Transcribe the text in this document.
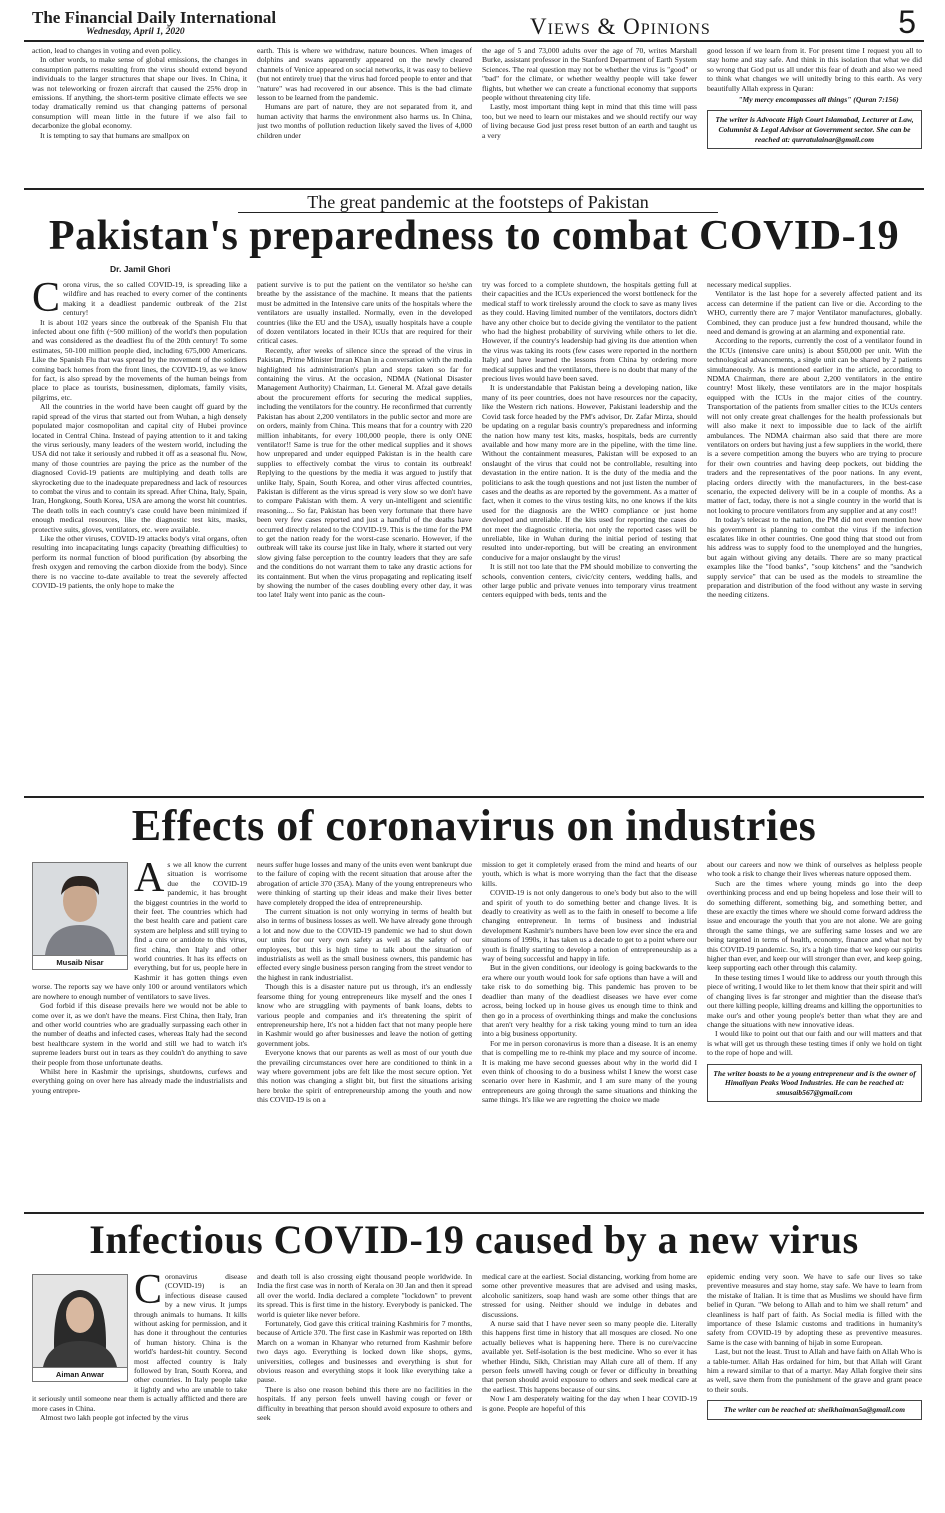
The Financial Daily International
Wednesday, April 1, 2020	Views & Opinions	5

action, lead to changes in voting and even policy.

In other words, to make sense of global emissions, the changes in consumption patterns resulting from the virus should extend beyond individuals to the larger structures that shape our lives. In China, it was not teleworking or frozen aircraft that caused the 25% drop in emissions. If anything, the short-term positive climate effects we see today dramatically remind us that changing patterns of personal consumption will mean little in the future if we also fail to decarbonize the global economy.

It is tempting to say that humans are smallpox on

earth. This is where we withdraw, nature bounces. When images of dolphins and swans apparently appeared on the newly cleared channels of Venice appeared on social networks, it was easy to believe (but not entirely true) that the virus had forced people to enter and that "nature" was had recovered in our absence. This is the bad climate lesson to be learned from the pandemic.

Humans are part of nature, they are not separated from it, and human activity that harms the environment also harms us. In China, just two months of pollution reduction likely saved the lives of 4,000 children under

the age of 5 and 73,000 adults over the age of 70, writes Marshall Burke, assistant professor in the Stanford Department of Earth System Sciences. The real question may not be whether the virus is "good" or "bad" for the climate, or whether wealthy people will take fewer flights, but whether we can create a functional economy that supports people without threatening city life.

Lastly, most important thing kept in mind that this time will pass too, but we need to learn our mistakes and we should rectify our way of living because God just press reset button of an earth and taught us a very

good lesson if we learn from it. For present time I request you all to stay home and stay safe. And think in this isolation that what we did so wrong that God put us all under this fear of death and also we need to think what changes we will unitedly bring to this earth. As very beautifully Allah express in Quran:

"My mercy encompasses all things" (Quran 7:156)

The writer is Advocate High Court Islamabad, Lecturer at Law, Columnist & Legal Advisor at Government sector. She can be reached at: qurratulainar@gmail.com
The great pandemic at the footsteps of Pakistan
Pakistan's preparedness to combat COVID-19
Dr. Jamil Ghori

Corona virus, the so called COVID-19, is spreading like a wildfire and has reached to every corner of the continents making it a deadliest pandemic outbreak of the 21st century!

It is about 102 years since the outbreak of the Spanish Flu that infected about one fifth (~500 million) of the world's then population and was considered as the deadliest flu of the 20th century! To some estimates, 50-100 million people died, including 675,000 Americans. Like the Spanish Flu that was spread by the movement of the soldiers coming back homes from the front lines, the COVID-19, as we know for fact, is also spread by the movements of the human beings from place to place as tourists, businessmen, diplomats, family visits, pilgrims, etc.

All the countries in the world have been caught off guard by the rapid spread of the virus that started out from Wuhan, a high densely populated major cosmopolitan and capital city of Hubei province located in Central China. Instead of paying attention to it and taking the virus seriously, many leaders of the western world, including the USA did not take it seriously and rubbed it off as a seasonal flu. Now, many of those countries are paying the price as the number of the diagnosed Covid-19 patients are multiplying and death tolls are skyrocketing due to the inadequate preparedness and lack of resources to combat the virus and to contain its spread. After China, Italy, Spain, Iran, Hongkong, South Korea, USA are among the worst hit countries. The death tolls in each country's case could have been minimized if enough medical resources, like the diagnostic test kits, masks, protective suits, gloves, ventilators, etc. were available.

Like the other viruses, COVID-19 attacks body's vital organs, often resulting into incapacitating lungs capacity (breathing difficulties) to perform its normal function of blood purification (by absorbing the fresh oxygen and removing the carbon dioxide from the body). Since there is no vaccine to-date available to treat the severely affected COVID-19 patients, the only hope to make the

patient survive is to put the patient on the ventilator so he/she can breathe by the assistance of the machine. It means that the patients must be admitted in the Intensive care units of the hospitals where the ventilators are usually installed. Normally, even in the developed countries (like the EU and the USA), usually hospitals have a couple of dozen ventilators located in their ICUs that are required for their critical cases.

Recently, after weeks of silence since the spread of the virus in Pakistan, Prime Minister Imran Khan in a conversation with the media highlighted his administration's plan and steps taken so far for containing the virus. At the occasion, NDMA (National Disaster Management Authority) Chairman, Lt. General M. Afzal gave details about the procurement efforts for securing the medical supplies, including the ventilators for the country. He reconfirmed that currently Pakistan has about 2,200 ventilators in the public sector and more are on orders, mainly from China. This means that for a country with 220 million inhabitants, for every 100,000 people, there is only ONE ventilator!! Same is true for the other medical supplies and it shows how unprepared and under equipped Pakistan is in the health care supplies to effectively combat the virus to contain its outbreak! Replying to the questions by the media it was argued to justify that unlike Italy, Spain, South Korea, and other virus affected countries, Pakistan is different as the virus spread is very slow so we don't have to compare Pakistan with them. A very un-intelligent and scientific reasoning.... So far, Pakistan has been very fortunate that there have been very few cases reported and just a handful of the deaths have occurred directly related to the COVID-19. This is the time for the PM to get the nation ready for the worst-case scenario. However, if the outbreak will take its course just like in Italy, where it started out very slow giving false perception to the country leaders that they are safe and the conditions do not warrant them to take any drastic actions for its containment. But when the virus propagating and replicating itself by showing the number of the cases doubling every other day, it was too late! Italy went into panic as the coun-

try was forced to a complete shutdown, the hospitals getting full at their capacities and the ICUs experienced the worst bottleneck for the medical staff to work tirelessly around the clock to save as many lives as they could. Having limited number of the ventilators, doctors didn't have any other choice but to decide giving the ventilator to the patient who had the highest probability of surviving while others to let die. However, if the country's leadership had giving its due attention when the virus was taking its roots (few cases were reported in the northern Italy) and have learned the lessons from China by ordering more medical supplies and the ventilators, there is no doubt that many of the precious lives would have been saved.

It is understandable that Pakistan being a developing nation, like many of its peer countries, does not have resources nor the capacity, like the Western rich nations. However, Pakistani leadership and the Covid task force headed by the PM's advisor, Dr. Zafar Mirza, should be updating on a regular basis country's preparedness and informing the nation how many test kits, masks, hospitals, beds are currently available and how many more are in the pipeline, with the time line. Without the containment measures, Pakistan will be exposed to an onslaught of the virus that could not be controllable, resulting into devastation in the entire nation. It is the duty of the media and the politicians to ask the tough questions and not just listen the number of cases and the deaths as are reported by the government. As a matter of fact, when it comes to the virus testing kits, no one knows if the kits used for the diagnosis are the WHO compliance or just home developed and unreliable. If the kits used for reporting the cases do not meet the diagnostic criteria, not only the reported cases will be unreliable, like in Wuhan during the initial period of testing that resulted into under-reporting, but will be creating an environment conducive for a major onslaught by the virus!

It is still not too late that the PM should mobilize to converting the schools, convention centers, civic/city centers, wedding halls, and other large public and private venues into temporary virus treatment centers equipped with beds, tents and the

necessary medical supplies.

Ventilator is the last hope for a severely affected patient and its access can determine if the patient can live or die. According to the WHO, currently there are 7 major Ventilator manufactures, globally. Combined, they can produce just a few hundred thousand, while the need and demand is growing at an alarming and exponential rate.

According to the reports, currently the cost of a ventilator found in the ICUs (intensive care units) is about $50,000 per unit. With the technological advancements, a single unit can be shared by 2 patients simultaneously. As is mentioned earlier in the article, according to NDMA Chairman, there are about 2,200 ventilators in the entire country! Most likely, these ventilators are in the major hospitals equipped with the ICUs in the major cities of the country. Transportation of the patients from smaller cities to the ICUs centers will not only create great challenges for the health professionals but will also make it next to impossible due to lack of the airlift ambulances. The NDMA chairman also said that there are more ventilators on orders but having just a few suppliers in the world, there is a severe competition among the buyers who are trying to procure for their own countries and having deep pockets, out bidding the traders and the representatives of the poor nations. In any event, placing orders directly with the manufacturers, in the best-case scenario, the expected delivery will be in a couple of months. As a matter of fact, today, there is not a single country in the world that is not looking to procure ventilators from any supplier and at any cost!!

In today's telecast to the nation, the PM did not even mention how his government is planning to combat the virus if the infection escalates like in other countries. One good thing that stood out from his address was to supply food to the unemployed and the hungries, but again without giving any details. There are so many practical examples like the "food banks", "soup kitchens" and the "sandwich supply service" that can be used as the models to streamline the preparation and distribution of the food without any waste in serving the needing citizens.

Effects of coronavirus on industries
Musaib Nisar

As we all know the current situation is worrisome due the COVID-19 pandemic, it has brought the biggest countries in the world to their feet. The countries which had the best health care and patient care system are helpless and still trying to find a cure or antidote to this virus, first china, then Italy and other world countries. It has its effects on everything, but for us, people here in Kashmir it has gotten things even worse. The reports say we have only 100 or around ventilators which are nowhere to enough number of ventilators to save lives.

God forbid if this disease prevails here we would not be able to come over it, as we don't have the means. First China, then Italy, Iran and other world countries who are gradually surpassing each other in the number of deaths and infected cases, whereas Italy had the second best healthcare system in the world and still we had to watch it's supreme leaders burst out in tears as they couldn't do anything to save their people from those unfortunate deaths.

Whilst here in Kashmir the uprisings, shutdowns, curfews and everything going on over here has already made the industrialists and young entrepre-

neurs suffer huge losses and many of the units even went bankrupt due to the failure of coping with the recent situation that arouse after the abrogation of article 370 (35A). Many of the young entrepreneurs who were thinking of starting up their ideas and make their lives better have completely dropped the idea of entrepreneurship.

The current situation is not only worrying in terms of health but also in terms of business losses as well. We have already gone through a lot and now due to the COVID-19 pandemic we had to shut down our units for our very own safety as well as the safety of our employees, but this is high time to talk about the situation of industrialists as well as the small business owners, this pandemic has effected every single business person ranging from the street vendor to the highest in rank industrialist.

Though this is a disaster nature put us through, it's an endlessly fearsome thing for young entrepreneurs like myself and the ones I know who are struggling with payments of bank loans, debts to various people and companies and it's threatening the spirit of entrepreneurship here, It's not a hidden fact that not many people here in Kashmir would go after businesses and leave the notion of getting government jobs.

Everyone knows that our parents as well as most of our youth due the prevailing circumstances over here are conditioned to think in a way where government jobs are felt like the most secure option. Yet this notion was changing a slight bit, but first the situations arising here broke the spirit of entrepreneurship among the youth and now this COVID-19 is on a

mission to get it completely erased from the mind and hearts of our youth, which is what is more worrying than the fact that the disease kills.

COVID-19 is not only dangerous to one's body but also to the will and spirit of youth to do something better and change lives. It is deadly to creativity as well as to the faith in oneself to become a life changing entrepreneur. In terms of business and industrial development Kashmir's numbers have been low ever since the era and situations of 1990s, it has taken us a decade to get to a point where our youth is finally starting to develop a notion of entrepreneurship as a way of being successful and happy in life.

But in the given conditions, our ideology is going backwards to the era where our youth would look for safe options than have a will and take risk to do something big. This pandemic has proven to be deadlier than many of the deadliest diseases we have ever come across, being locked up in house gives us enough time to think and then go in a process of overthinking things and make the conclusions that aren't very healthy for a risk taking young mind to turn an idea into a big business opportunity.

For me in person coronavirus is more than a disease. It is an enemy that is compelling me to re-think my place and my source of income. It is making me have second guesses about why in the world did I even think of choosing to do a business whilst I knew the worst case scenario over here in Kashmir, and I am sure many of the young entrepreneurs are going through the same situations and thinking the same things. It's like we are regretting the choice we made

about our careers and now we think of ourselves as helpless people who took a risk to change their lives whereas nature opposed them.

Such are the times where young minds go into the deep overthinking process and end up being hopeless and lose their will to do something different, something big, and something better, and these are exactly the times where we should come forward address the issue and encourage the youth that you are not alone. We are going through the same things, we are suffering same losses and we are being targeted in terms of health, economy, finance and what not by this COVID-19 pandemic. So, it's a high time that we keep our spirits higher than ever, and keep our will stronger than ever, and keep going, keep supporting each other through this calamity.

In these testing times I would like to address our youth through this piece of writing, I would like to let them know that their spirit and will of changing lives is far stronger and mightier than the disease that's out there killing people, killing dreams and killing the opportunities to make our's and other young people's better than what they are and change the situations with new innovative ideas.

I would like to point out that our faith and our will matters and that is what will get us through these testing times if only we hold on tight to the rope of hope and will.

The writer boasts to be a young entrepreneur and is the owner of Himaliyan Peaks Wood Industries. He can be reached at: smusaib567@gmail.com
Infectious COVID-19 caused by a new virus
Aiman Anwar

Coronavirus disease (COVID-19) is an infectious disease caused by a new virus. It jumps through animals to humans. It kills without asking for permission, and it has done it throughout the centuries of human history. China is the world's hardest-hit country. Second most affected country is Italy followed by Iran, South Korea, and other countries. In Italy people take it lightly and who are unable to take it seriously until someone near them is actually afflicted and there are more cases in China.

Almost two lakh people got infected by the virus

and death toll is also crossing eight thousand people worldwide. In India the first case was in north of Kerala on 30 Jan and then it spread all over the world. India declared a complete "lockdown" to prevent its spread. This is first time in the history. Everybody is panicked. The world is quieter like never before.

Fortunately, God gave this critical training Kashmiris for 7 months, because of Article 370. The first case in Kashmir was reported on 18th March on a woman in Khanyar who returned from Kashmir before two days ago. Everything is locked down like shops, gyms, universities, colleges and businesses and everything is shut for obvious reason and everything stops it look like everything take a pause.

There is also one reason behind this there are no facilities in the hospitals. If any person feels unwell having cough or fever or difficulty in breathing that person should avoid exposure to others and seek

medical care at the earliest. Social distancing, working from home are some other preventive measures that are advised and using masks, alcoholic sanitizers, soap hand wash are some other things that are stressed for using. Neither should we indulge in debates and discussions.

A nurse said that I have never seen so many people die. Literally this happens first time in history that all mosques are closed. No one actually believes what is happening here. There is no cure/vaccine available yet. Self-isolation is the best medicine. Who so ever it has whether Hindu, Sikh, Christian may Allah cure all of them. If any person feels unwell having cough or fever or difficulty in breathing that person should avoid exposure to others and seek medical care at the earliest. This happens because of our sins.

Now I am desperately waiting for the day when I hear COVID-19 is gone. People are hopeful of this

epidemic ending very soon. We have to safe our lives so take preventive measures and stay home, stay safe. We have to learn from the mistake of Italian. It is time that as Muslims we should have firm belief in Quran. "We belong to Allah and to him we shall return" and cleanliness is half part of faith. As Social media is filled with the importance of these Islamic customs and traditions in humanity's safety from COVID-19 by adopting these as preventive measures. Same is the case with banning of hijab in some European.

Last, but not the least. Trust to Allah and have faith on Allah Who is a table-turner. Allah Has ordained for him, but that Allah will Grant him a reward similar to that of a martyr. May Allah forgive their sins as well, save them from the punishment of the grave and grant peace to their souls.

The writer can be reached at: sheikhaiman5a@gmail.com
